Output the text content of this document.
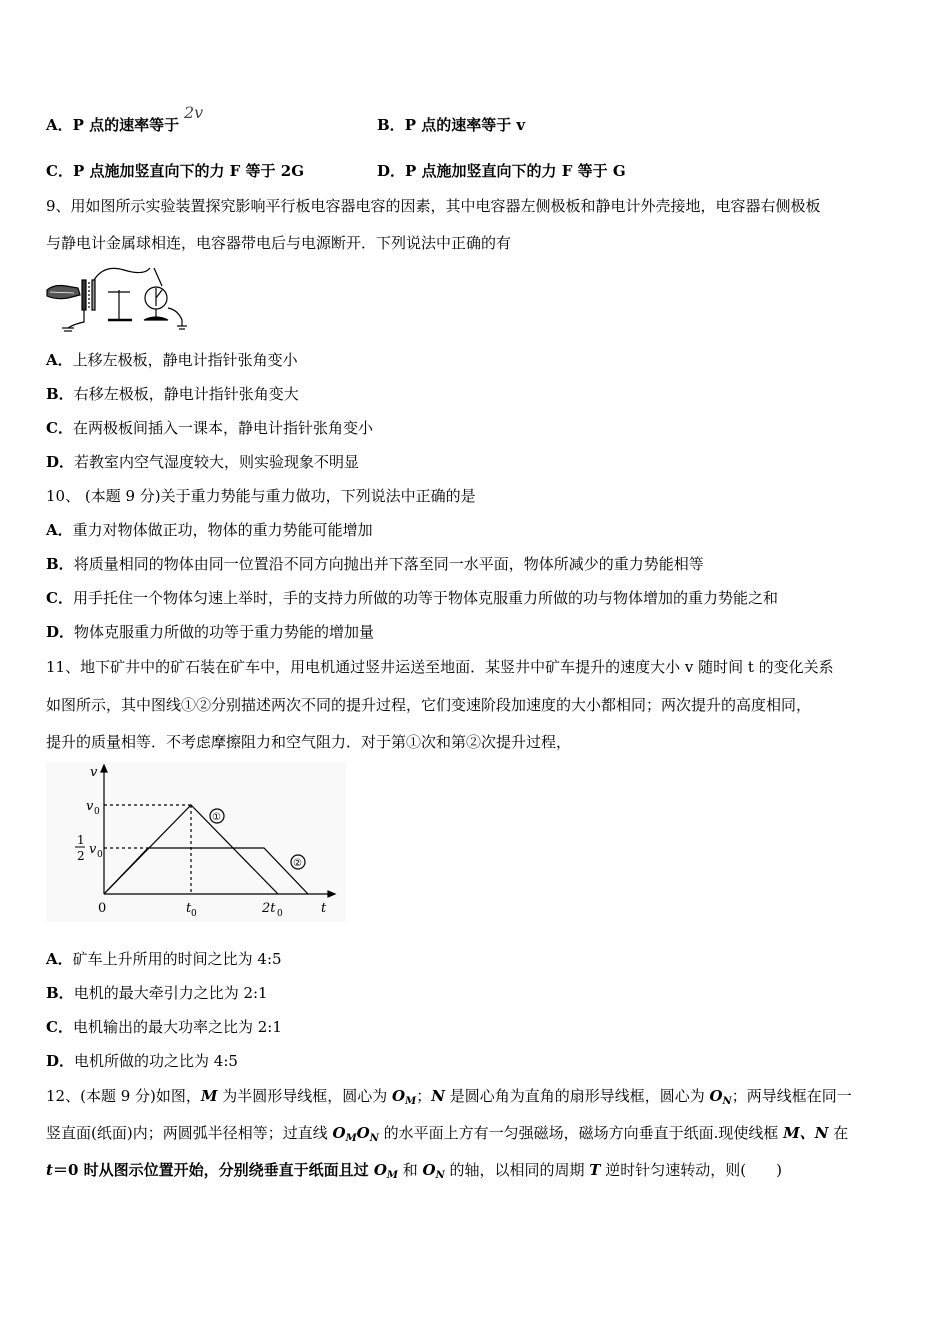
A．P 点的速率等于 2v
B．P 点的速率等于 v
C．P 点施加竖直向下的力 F 等于 2G	D．P 点施加竖直向下的力 F 等于 G
9、用如图所示实验装置探究影响平行板电容器电容的因素，其中电容器左侧极板和静电计外壳接地，电容器右侧极板
与静电计金属球相连，电容器带电后与电源断开．下列说法中正确的有
A．上移左极板，静电计指针张角变小
B．右移左极板，静电计指针张角变大
C．在两极板间插入一课本，静电计指针张角变小
D．若教室内空气湿度较大，则实验现象不明显
10、 (本题 9 分)关于重力势能与重力做功，下列说法中正确的是
A．重力对物体做正功，物体的重力势能可能增加
B．将质量相同的物体由同一位置沿不同方向抛出并下落至同一水平面，物体所减少的重力势能相等
C．用手托住一个物体匀速上举时，手的支持力所做的功等于物体克服重力所做的功与物体增加的重力势能之和
D．物体克服重力所做的功等于重力势能的增加量
11、地下矿井中的矿石装在矿车中，用电机通过竖井运送至地面．某竖井中矿车提升的速度大小 v 随时间 t 的变化关系
如图所示，其中图线①②分别描述两次不同的提升过程，它们变速阶段加速度的大小都相同；两次提升的高度相同，
提升的质量相等．不考虑摩擦阻力和空气阻力．对于第①次和第②次提升过程，
v
t
0
v 0
1
2 v 0
t 0	2t 0
①
②
A．矿车上升所用的时间之比为 4:5
B．电机的最大牵引力之比为 2:1
C．电机输出的最大功率之比为 2:1
D．电机所做的功之比为 4:5
12、(本题 9 分)如图，M 为半圆形导线框，圆心为 $O_M$；N 是圆心角为直角的扇形导线框，圆心为 $O_N$；两导线框在同一
竖直面(纸面)内；两圆弧半径相等；过直线 $O_MO_N$ 的水平面上方有一匀强磁场，磁场方向垂直于纸面.现使线框 M、N 在
t＝0 时从图示位置开始，分别绕垂直于纸面且过 $O_M$ 和 $O_N$ 的轴，以相同的周期 T 逆时针匀速转动，则(　　)
